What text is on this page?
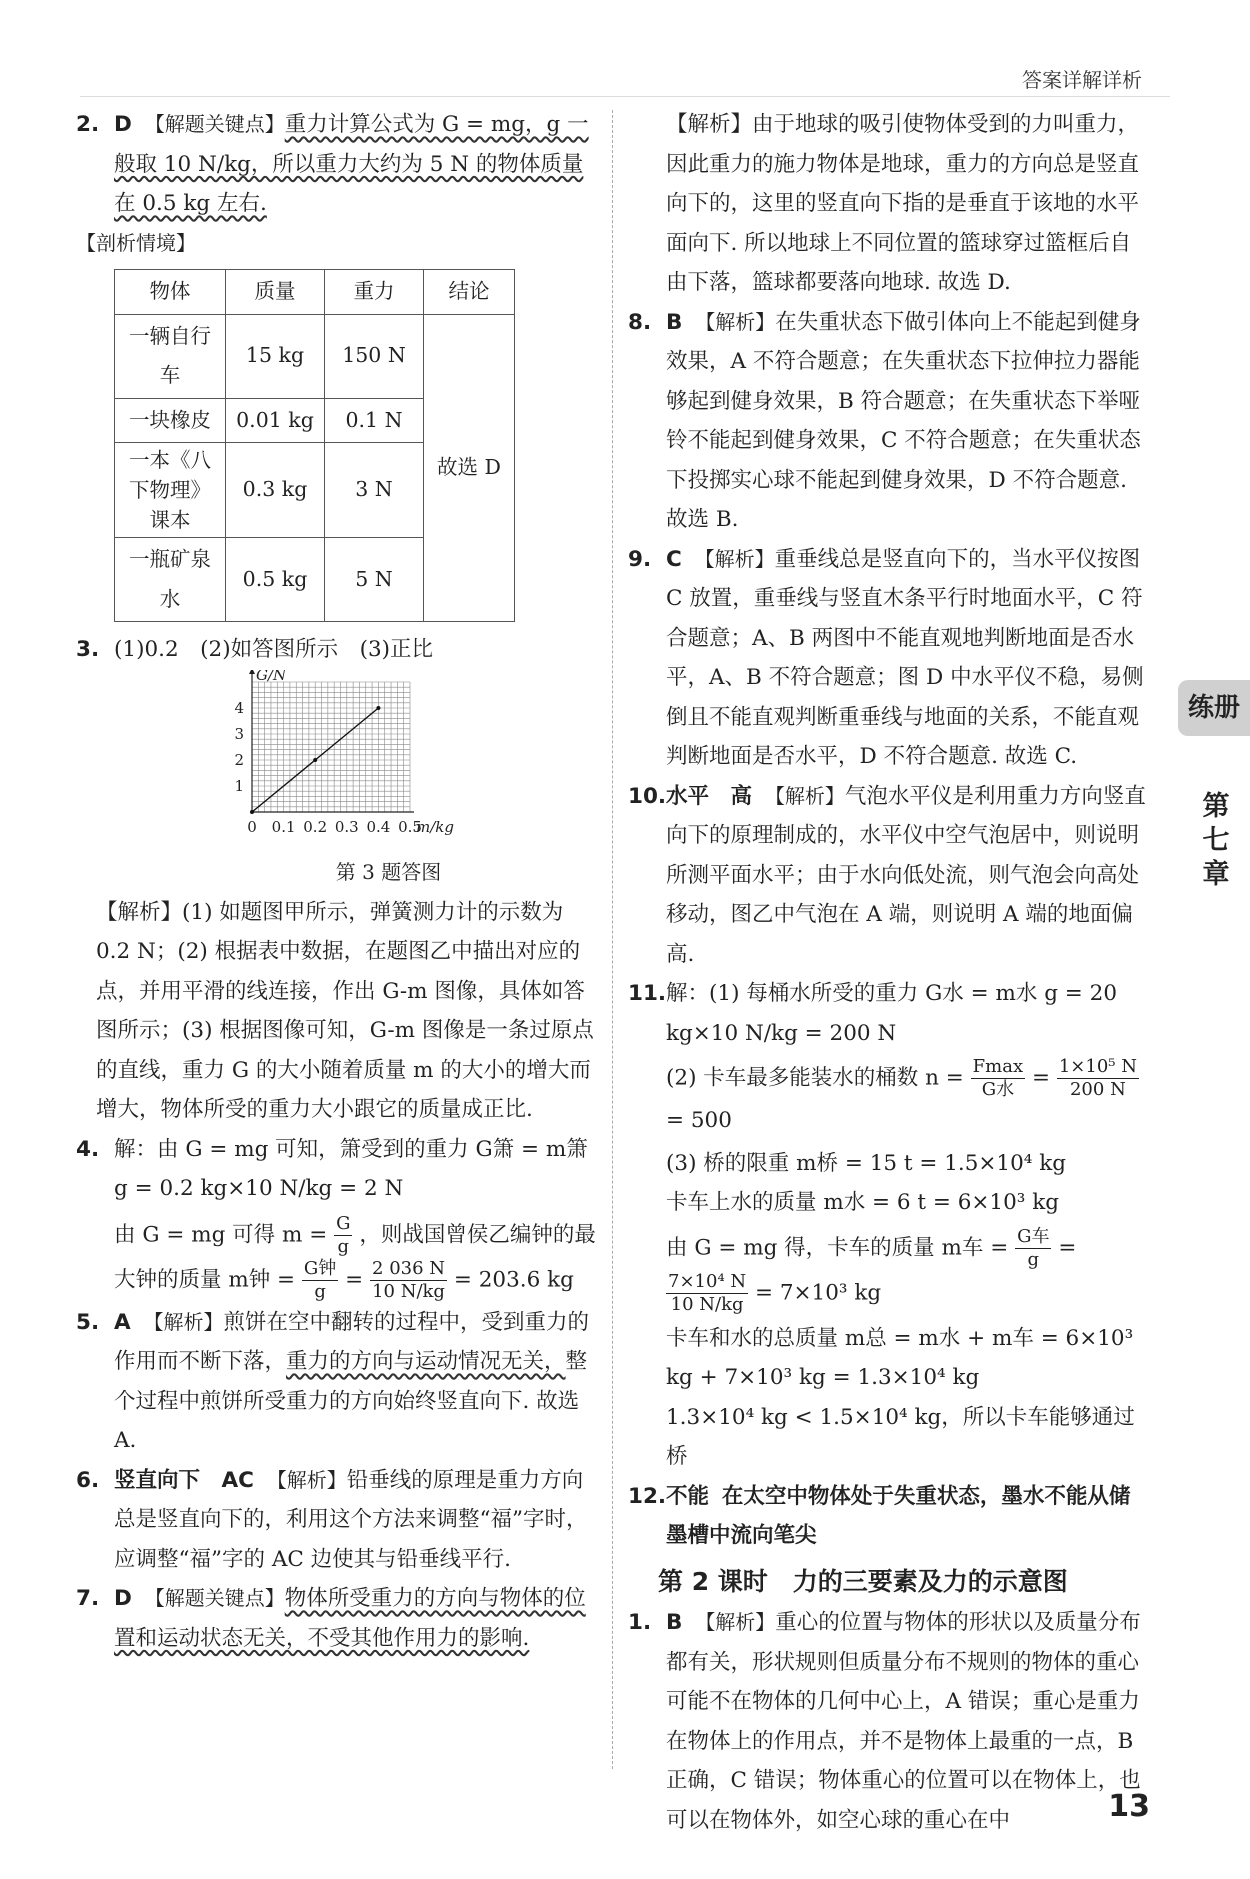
答案详解详析
2. D 【解题关键点】重力计算公式为 G = mg，g 一般取 10 N/kg，所以重力大约为 5 N 的物体质量在 0.5 kg 左右.
【剖析情境】
物体	质量	重力	结论
一辆自行车	15 kg	150 N	故选 D
一块橡皮	0.01 kg	0.1 N	
一本《八下物理》课本	0.3 kg	3 N	
一瓶矿泉水	0.5 kg	5 N	
3. (1)0.2　(2)如答图所示　(3)正比
0 0.1 0.2 0.3 0.4 0.5
1
2
3
4
m/kg
G/N
第 3 题答图
【解析】(1) 如题图甲所示，弹簧测力计的示数为 0.2 N；(2) 根据表中数据，在题图乙中描出对应的点，并用平滑的线连接，作出 G-m 图像，具体如答图所示；(3) 根据图像可知，G-m 图像是一条过原点的直线，重力 G 的大小随着质量 m 的大小的增大而增大，物体所受的重力大小跟它的质量成正比.
4. 解：由 G = mg 可知，箫受到的重力 G箫 = m箫 g = 0.2 kg×10 N/kg = 2 N
由 G = mg 可得 $m = \frac{G}{g}$ ，则战国曾侯乙编钟的最大钟的质量 m钟 = $\frac{\text{G钟}}{g} = \frac{2 036 N}{10 N/kg} = 203.6$ kg
5. A 【解析】煎饼在空中翻转的过程中，受到重力的作用而不断下落，重力的方向与运动情况无关，整个过程中煎饼所受重力的方向始终竖直向下. 故选 A.
6. 竖直向下　AC 【解析】铅垂线的原理是重力方向总是竖直向下的，利用这个方法来调整“福”字时，应调整“福”字的 AC 边使其与铅垂线平行.
7. D 【解题关键点】物体所受重力的方向与物体的位置和运动状态无关，不受其他作用力的影响.
【解析】由于地球的吸引使物体受到的力叫重力，因此重力的施力物体是地球，重力的方向总是竖直向下的，这里的竖直向下指的是垂直于该地的水平面向下. 所以地球上不同位置的篮球穿过篮框后自由下落，篮球都要落向地球. 故选 D.
8. B 【解析】在失重状态下做引体向上不能起到健身效果，A 不符合题意；在失重状态下拉伸拉力器能够起到健身效果，B 符合题意；在失重状态下举哑铃不能起到健身效果，C 不符合题意；在失重状态下投掷实心球不能起到健身效果，D 不符合题意. 故选 B.
9. C 【解析】重垂线总是竖直向下的，当水平仪按图 C 放置，重垂线与竖直木条平行时地面水平，C 符合题意；A、B 两图中不能直观地判断地面是否水平，A、B 不符合题意；图 D 中水平仪不稳，易侧倒且不能直观判断重垂线与地面的关系，不能直观判断地面是否水平，D 不符合题意. 故选 C.
10. 水平　高 【解析】气泡水平仪是利用重力方向竖直向下的原理制成的，水平仪中空气泡居中，则说明所测平面水平；由于水向低处流，则气泡会向高处移动，图乙中气泡在 A 端，则说明 A 端的地面偏高.
11. 解：(1) 每桶水所受的重力 G水 = m水 g = 20 kg×10 N/kg = 200 N
(2) 卡车最多能装水的桶数 $n = \frac{Fmax}{\text{G水}} = \frac{\text{1×10⁵ N}}{200 N}$
= 500
(3) 桥的限重 m桥 = 15 t = 1.5×10⁴ kg
卡车上水的质量 m水 = 6 t = 6×10³ kg
由 G = mg 得，卡车的质量 m车 = $\frac{\text{G车}}{g}$ =
$\frac{\text{7×10⁴ N}}{10 N/kg} = 7\times 10^3$ kg
卡车和水的总质量 m总 = m水 + m车 = 6×10³ kg + 7×10³ kg = 1.3×10⁴ kg
1.3×10⁴ kg < 1.5×10⁴ kg，所以卡车能够通过桥
12. 不能 在太空中物体处于失重状态，墨水不能从储墨槽中流向笔尖
第 2 课时　力的三要素及力的示意图
1. B 【解析】重心的位置与物体的形状以及质量分布都有关，形状规则但质量分布不规则的物体的重心可能不在物体的几何中心上，A 错误；重心是重力在物体上的作用点，并不是物体上最重的一点，B 正确，C 错误；物体重心的位置可以在物体上，也可以在物体外，如空心球的重心在中
练册
第七章
13
